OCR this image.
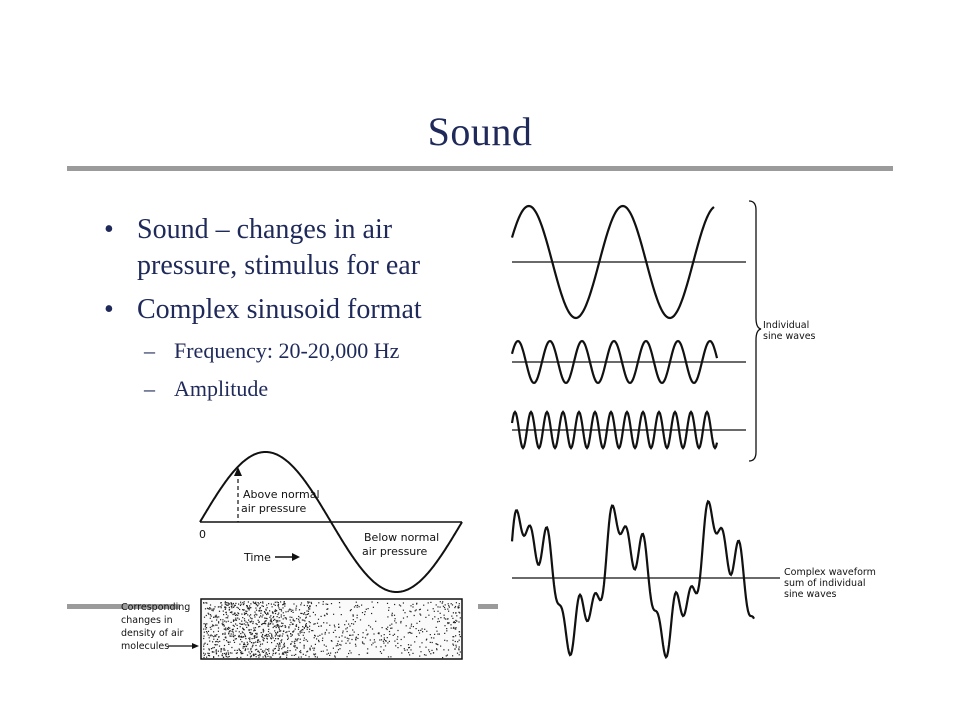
Sound
• Sound – changes in air
pressure, stimulus for ear
• Complex sinusoid format
– Frequency: 20-20,000 Hz
– Amplitude
0
Above normal
air pressure
Below normal
air pressure
Time
Corresponding
changes in
density of air
molecules
Individual
sine waves
Complex waveform
sum of individual
sine waves
